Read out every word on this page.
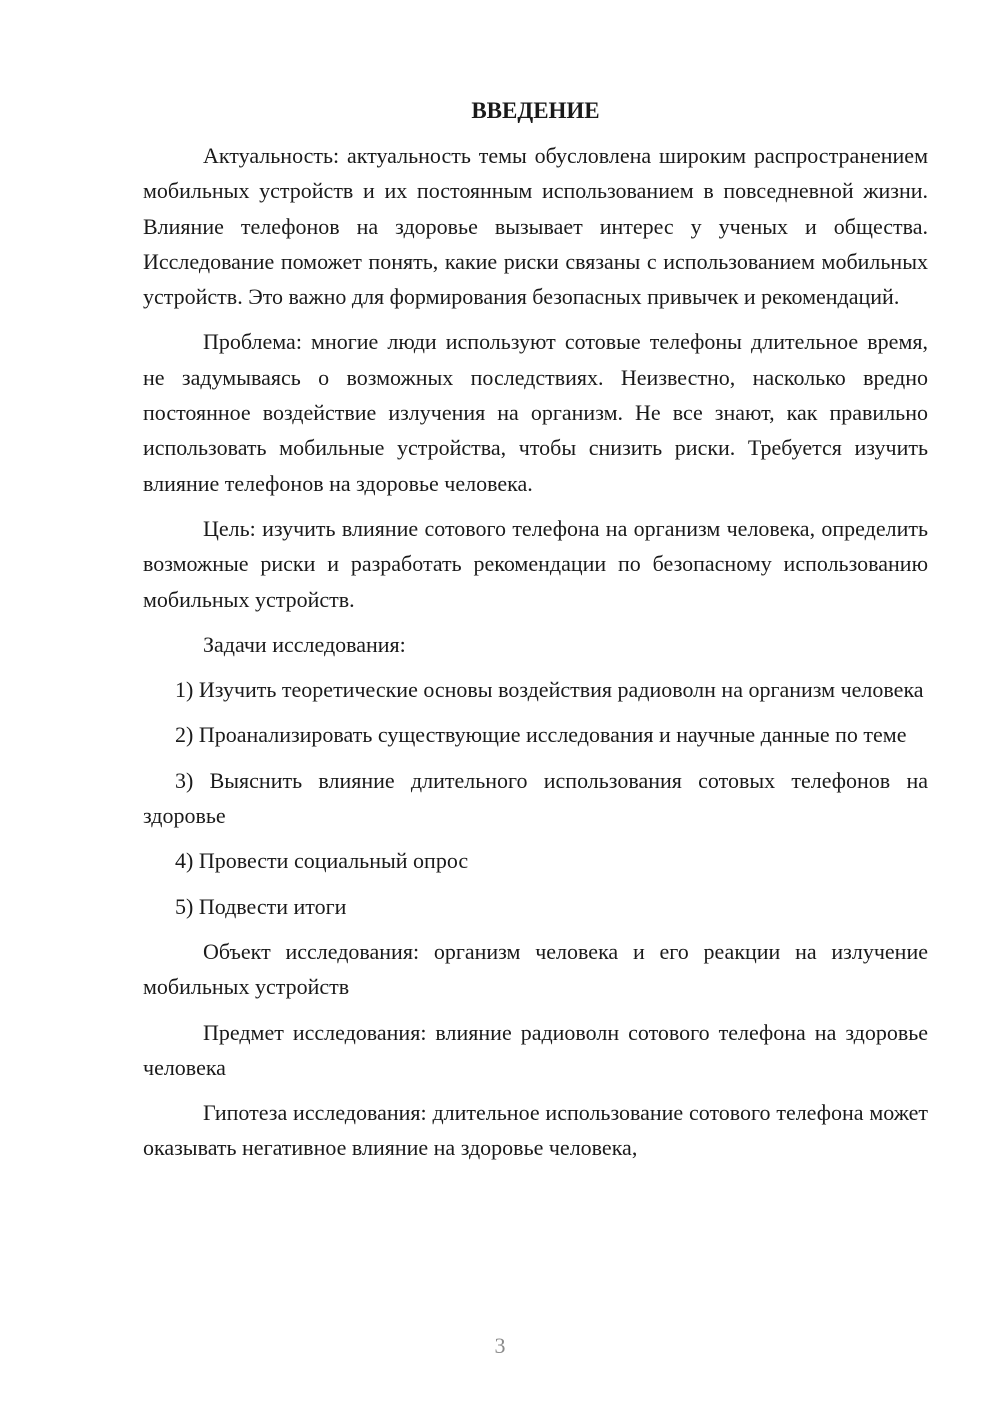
ВВЕДЕНИЕ
Актуальность: актуальность темы обусловлена широким распространением мобильных устройств и их постоянным использованием в повседневной жизни. Влияние телефонов на здоровье вызывает интерес у ученых и общества. Исследование поможет понять, какие риски связаны с использованием мобильных устройств. Это важно для формирования безопасных привычек и рекомендаций.
Проблема: многие люди используют сотовые телефоны длительное время, не задумываясь о возможных последствиях. Неизвестно, насколько вредно постоянное воздействие излучения на организм. Не все знают, как правильно использовать мобильные устройства, чтобы снизить риски. Требуется изучить влияние телефонов на здоровье человека.
Цель: изучить влияние сотового телефона на организм человека, определить возможные риски и разработать рекомендации по безопасному использованию мобильных устройств.
Задачи исследования:
1) Изучить теоретические основы воздействия радиоволн на организм человека
2) Проанализировать существующие исследования и научные данные по теме
3) Выяснить влияние длительного использования сотовых телефонов на здоровье
4) Провести социальный опрос
5) Подвести итоги
Объект исследования: организм человека и его реакции на излучение мобильных устройств
Предмет исследования: влияние радиоволн сотового телефона на здоровье человека
Гипотеза исследования: длительное использование сотового телефона может оказывать негативное влияние на здоровье человека,
3
